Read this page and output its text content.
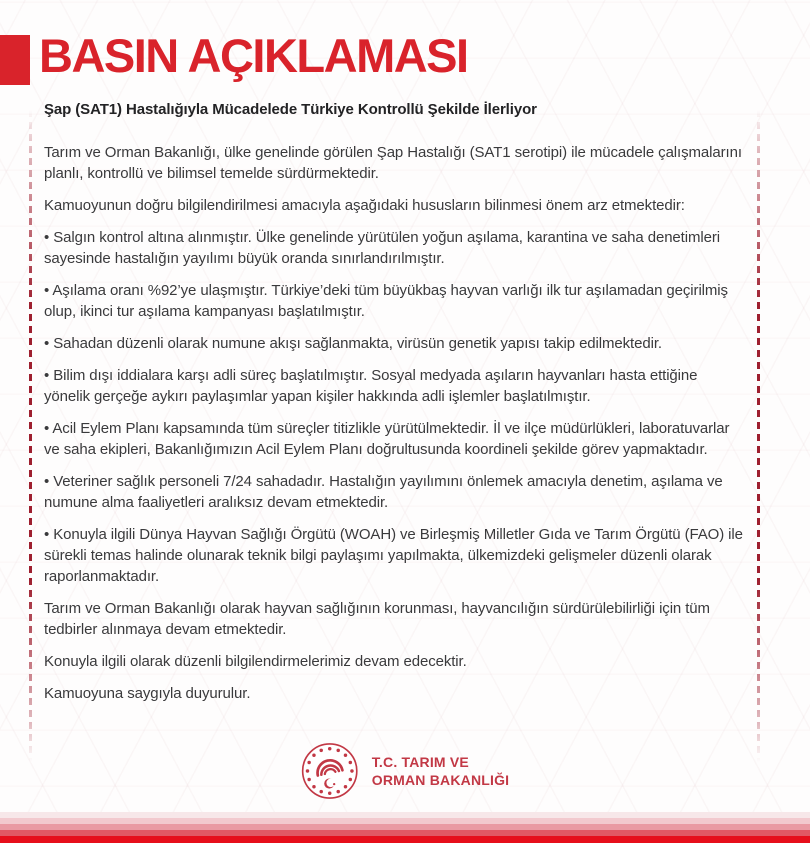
BASIN AÇIKLAMASI
Şap (SAT1) Hastalığıyla Mücadelede Türkiye Kontrollü Şekilde İlerliyor

Tarım ve Orman Bakanlığı, ülke genelinde görülen Şap Hastalığı (SAT1 serotipi) ile mücadele çalışmalarını planlı, kontrollü ve bilimsel temelde sürdürmektedir.

Kamuoyunun doğru bilgilendirilmesi amacıyla aşağıdaki hususların bilinmesi önem arz etmektedir:

• Salgın kontrol altına alınmıştır. Ülke genelinde yürütülen yoğun aşılama, karantina ve saha denetimleri sayesinde hastalığın yayılımı büyük oranda sınırlandırılmıştır.

• Aşılama oranı %92’ye ulaşmıştır. Türkiye’deki tüm büyükbaş hayvan varlığı ilk tur aşılamadan geçirilmiş olup, ikinci tur aşılama kampanyası başlatılmıştır.

• Sahadan düzenli olarak numune akışı sağlanmakta, virüsün genetik yapısı takip edilmektedir.

• Bilim dışı iddialara karşı adli süreç başlatılmıştır. Sosyal medyada aşıların hayvanları hasta ettiğine yönelik gerçeğe aykırı paylaşımlar yapan kişiler hakkında adli işlemler başlatılmıştır.

• Acil Eylem Planı kapsamında tüm süreçler titizlikle yürütülmektedir. İl ve ilçe müdürlükleri, laboratuvarlar ve saha ekipleri, Bakanlığımızın Acil Eylem Planı doğrultusunda koordineli şekilde görev yapmaktadır.

• Veteriner sağlık personeli 7/24 sahadadır. Hastalığın yayılımını önlemek amacıyla denetim, aşılama ve numune alma faaliyetleri aralıksız devam etmektedir.

• Konuyla ilgili Dünya Hayvan Sağlığı Örgütü (WOAH) ve Birleşmiş Milletler Gıda ve Tarım Örgütü (FAO) ile sürekli temas halinde olunarak teknik bilgi paylaşımı yapılmakta, ülkemizdeki gelişmeler düzenli olarak raporlanmaktadır.

Tarım ve Orman Bakanlığı olarak hayvan sağlığının korunması, hayvancılığın sürdürülebilirliği için tüm tedbirler alınmaya devam etmektedir.

Konuyla ilgili olarak düzenli bilgilendirmelerimiz devam edecektir.

Kamuoyuna saygıyla duyurulur.

T.C. TARIM VE
ORMAN BAKANLIĞI
